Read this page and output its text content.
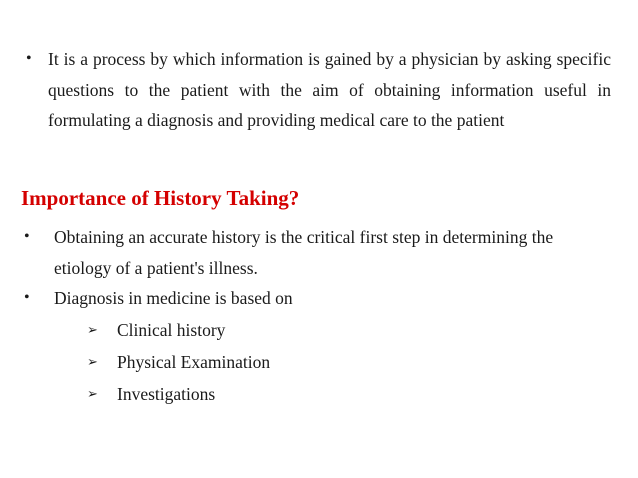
• It is a process by which information is gained by a physician by asking specific questions to the patient with the aim of obtaining information useful in formulating a diagnosis and providing medical care to the patient
Importance of History Taking?
•	Obtaining an accurate history is the critical first step in determining the etiology of a patient's illness.
•	Diagnosis in medicine is based on
➢	Clinical history
➢	Physical Examination
➢	Investigations
